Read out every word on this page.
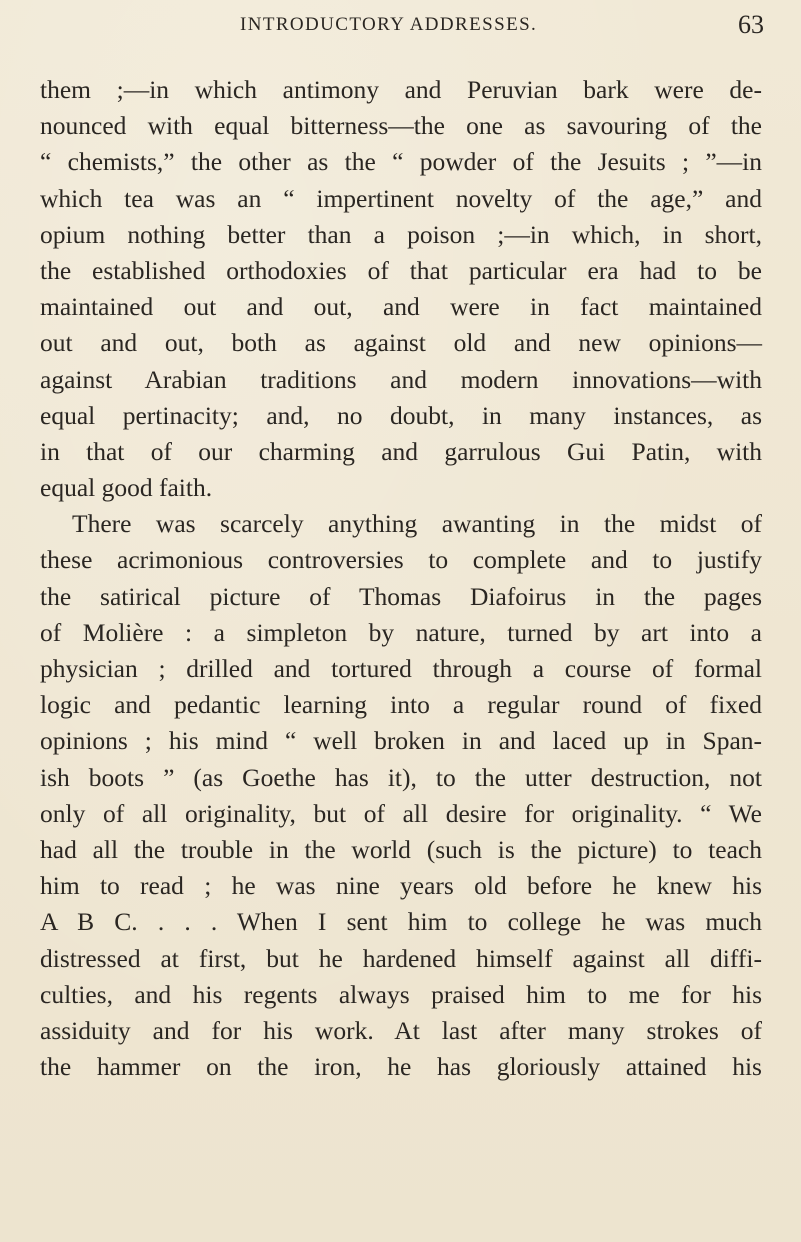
INTRODUCTORY ADDRESSES.	63
them ;—in which antimony and Peruvian bark were de-
nounced with equal bitterness—the one as savouring of the
“ chemists,” the other as the “ powder of the Jesuits ; ”—in
which tea was an “ impertinent novelty of the age,” and
opium nothing better than a poison ;—in which, in short,
the established orthodoxies of that particular era had to be
maintained out and out, and were in fact maintained
out and out, both as against old and new opinions—
against Arabian traditions and modern innovations—with
equal pertinacity; and, no doubt, in many instances, as
in that of our charming and garrulous Gui Patin, with
equal good faith.
There was scarcely anything awanting in the midst of
these acrimonious controversies to complete and to justify
the satirical picture of Thomas Diafoirus in the pages
of Molière : a simpleton by nature, turned by art into a
physician ; drilled and tortured through a course of formal
logic and pedantic learning into a regular round of fixed
opinions ; his mind “ well broken in and laced up in Span-
ish boots ” (as Goethe has it), to the utter destruction, not
only of all originality, but of all desire for originality. “ We
had all the trouble in the world (such is the picture) to teach
him to read ; he was nine years old before he knew his
A B C. . . . When I sent him to college he was much
distressed at first, but he hardened himself against all diffi-
culties, and his regents always praised him to me for his
assiduity and for his work. At last after many strokes of
the hammer on the iron, he has gloriously attained his
